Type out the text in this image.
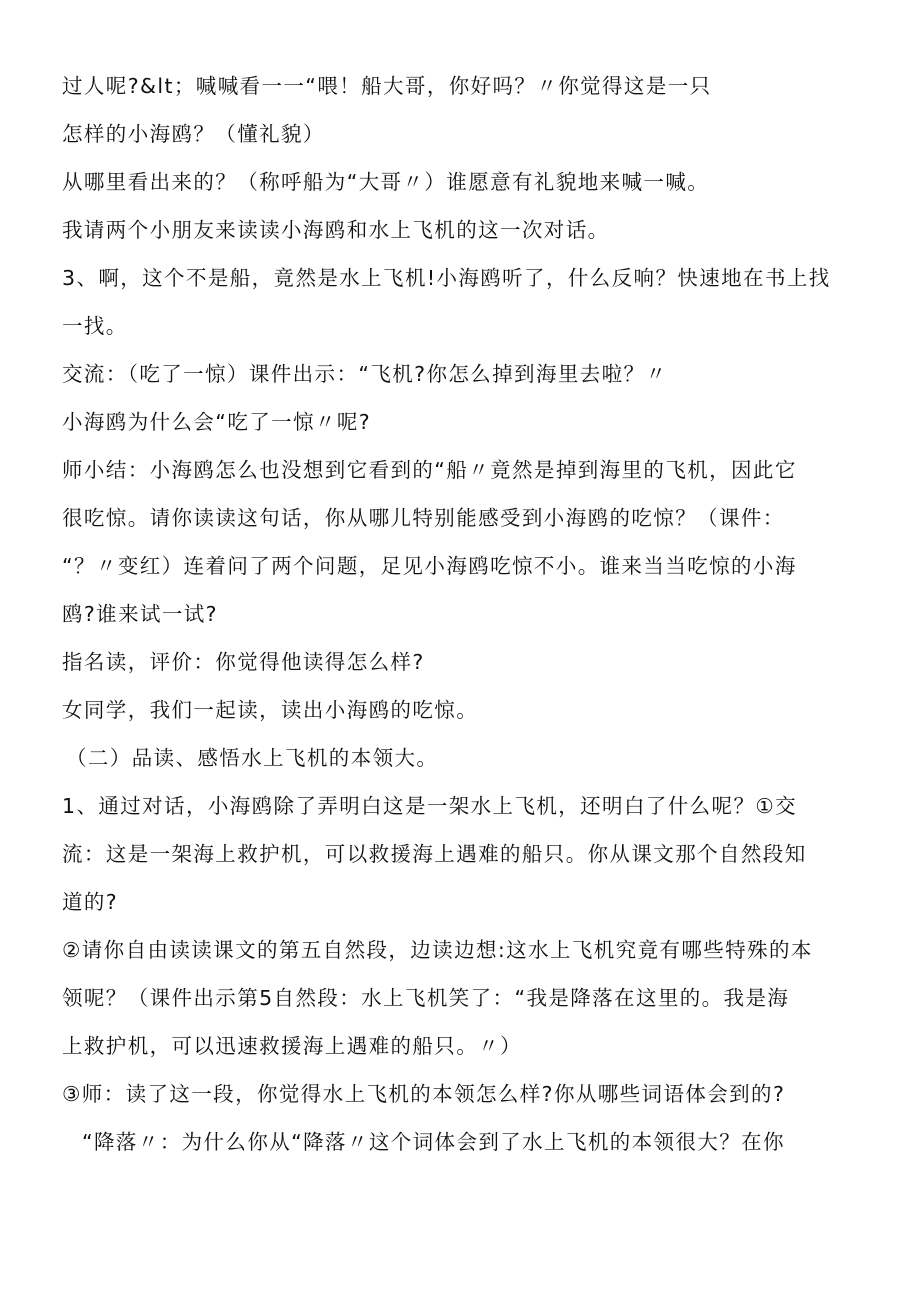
过人呢?&lt；喊喊看一一“喂！船大哥，你好吗？〃你觉得这是一只

怎样的小海鸥？（懂礼貌）

从哪里看出来的？（称呼船为“大哥〃）谁愿意有礼貌地来喊一喊。

我请两个小朋友来读读小海鸥和水上飞机的这一次对话。

3、啊，这个不是船，竟然是水上飞机!小海鸥听了，什么反响？快速地在书上找

一找。

交流：（吃了一惊）课件出示：“飞机?你怎么掉到海里去啦？〃

小海鸥为什么会“吃了一惊〃呢?

师小结：小海鸥怎么也没想到它看到的“船〃竟然是掉到海里的飞机，因此它

很吃惊。请你读读这句话，你从哪儿特别能感受到小海鸥的吃惊？（课件：

“？〃变红）连着问了两个问题，足见小海鸥吃惊不小。谁来当当吃惊的小海

鸥?谁来试一试?

指名读，评价：你觉得他读得怎么样?

女同学，我们一起读，读出小海鸥的吃惊。

（二）品读、感悟水上飞机的本领大。

1、通过对话，小海鸥除了弄明白这是一架水上飞机，还明白了什么呢？①交

流：这是一架海上救护机，可以救援海上遇难的船只。你从课文那个自然段知

道的?

②请你自由读读课文的第五自然段，边读边想:这水上飞机究竟有哪些特殊的本

领呢？（课件出示第5自然段：水上飞机笑了：“我是降落在这里的。我是海

上救护机，可以迅速救援海上遇难的船只。〃）

③师：读了这一段，你觉得水上飞机的本领怎么样?你从哪些词语体会到的?

“降落〃：为什么你从“降落〃这个词体会到了水上飞机的本领很大？在你
